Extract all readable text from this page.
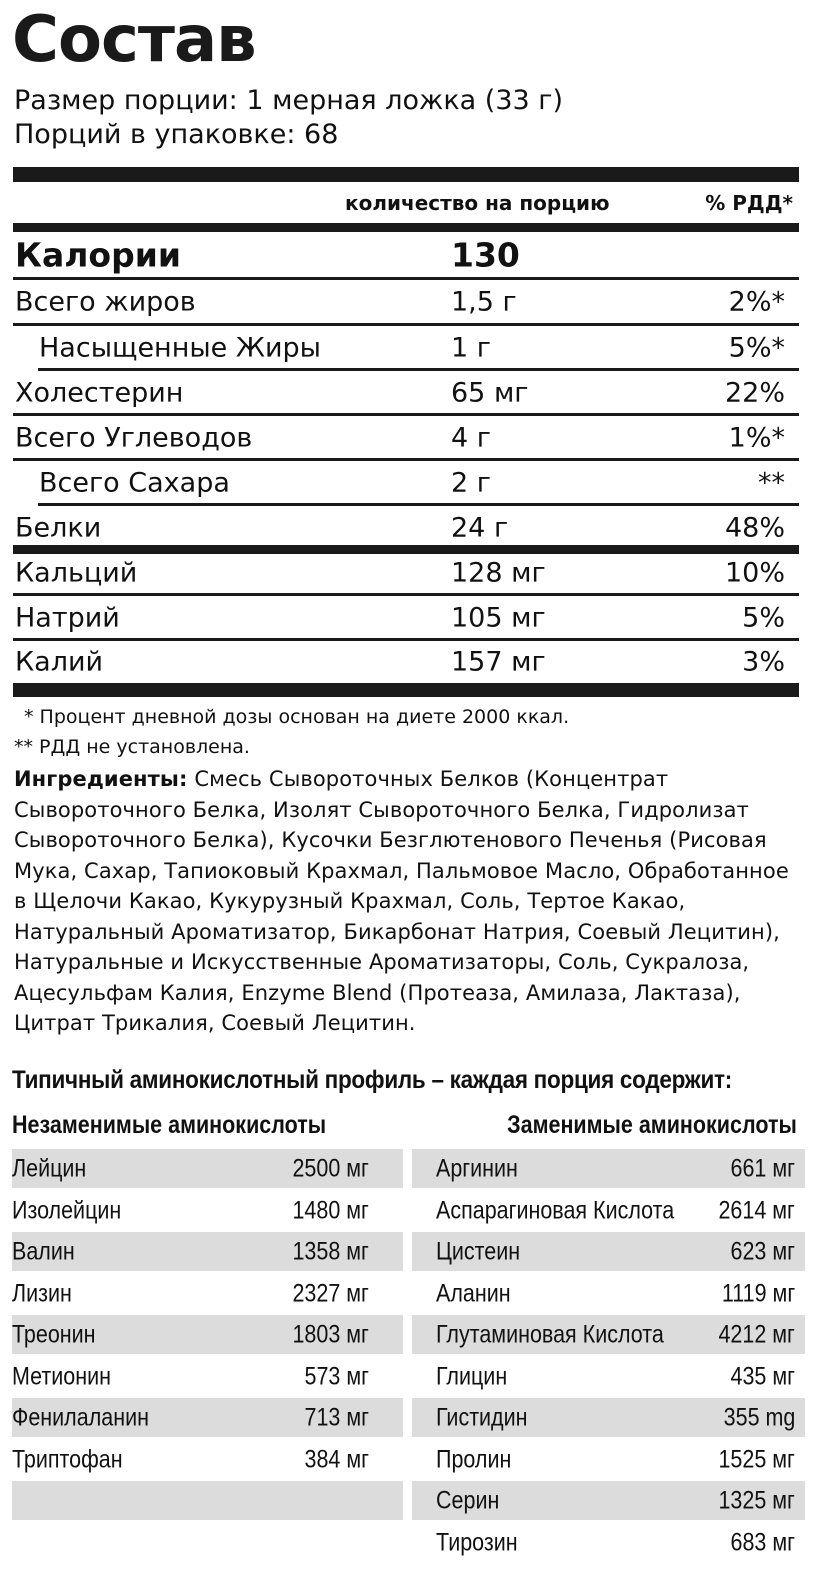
Состав
Размер порции: 1 мерная ложка (33 г)
Порций в упаковке: 68
количество на порцию	% РДД*
Калории	130
Всего жиров	1,5 г	2%*
Насыщенные Жиры	1 г	5%*
Холестерин	65 мг	22%
Всего Углеводов	4 г	1%*
Всего Сахара	2 г	**
Белки	24 г	48%
Кальций	128 мг	10%
Натрий	105 мг	5%
Калий	157 мг	3%
* Процент дневной дозы основан на диете 2000 ккал.
** РДД не установлена.
Ингредиенты: Смесь Сывороточных Белков (Концентрат Сывороточного Белка, Изолят Сывороточного Белка, Гидролизат Сывороточного Белка), Кусочки Безглютенового Печенья (Рисовая Мука, Сахар, Тапиоковый Крахмал, Пальмовое Масло, Обработанное в Щелочи Какао, Кукурузный Крахмал, Соль, Тертое Какао, Натуральный Ароматизатор, Бикарбонат Натрия, Соевый Лецитин), Натуральные и Искусственные Ароматизаторы, Соль, Сукралоза, Ацесульфам Калия, Enzyme Blend (Протеаза, Амилаза, Лактаза), Цитрат Трикалия, Соевый Лецитин.
Типичный аминокислотный профиль – каждая порция содержит:
Незаменимые аминокислоты	Заменимые аминокислоты
Лейцин	2500 мг
Изолейцин	1480 мг
Валин	1358 мг
Лизин	2327 мг
Треонин	1803 мг
Метионин	573 мг
Фенилаланин	713 мг
Триптофан	384 мг
Аргинин	661 мг
Аспарагиновая Кислота 2614 мг
Цистеин	623 мг
Аланин	1119 мг
Глутаминовая Кислота 4212 мг
Глицин	435 мг
Гистидин	355 mg
Пролин	1525 мг
Серин	1325 мг
Тирозин	683 мг
